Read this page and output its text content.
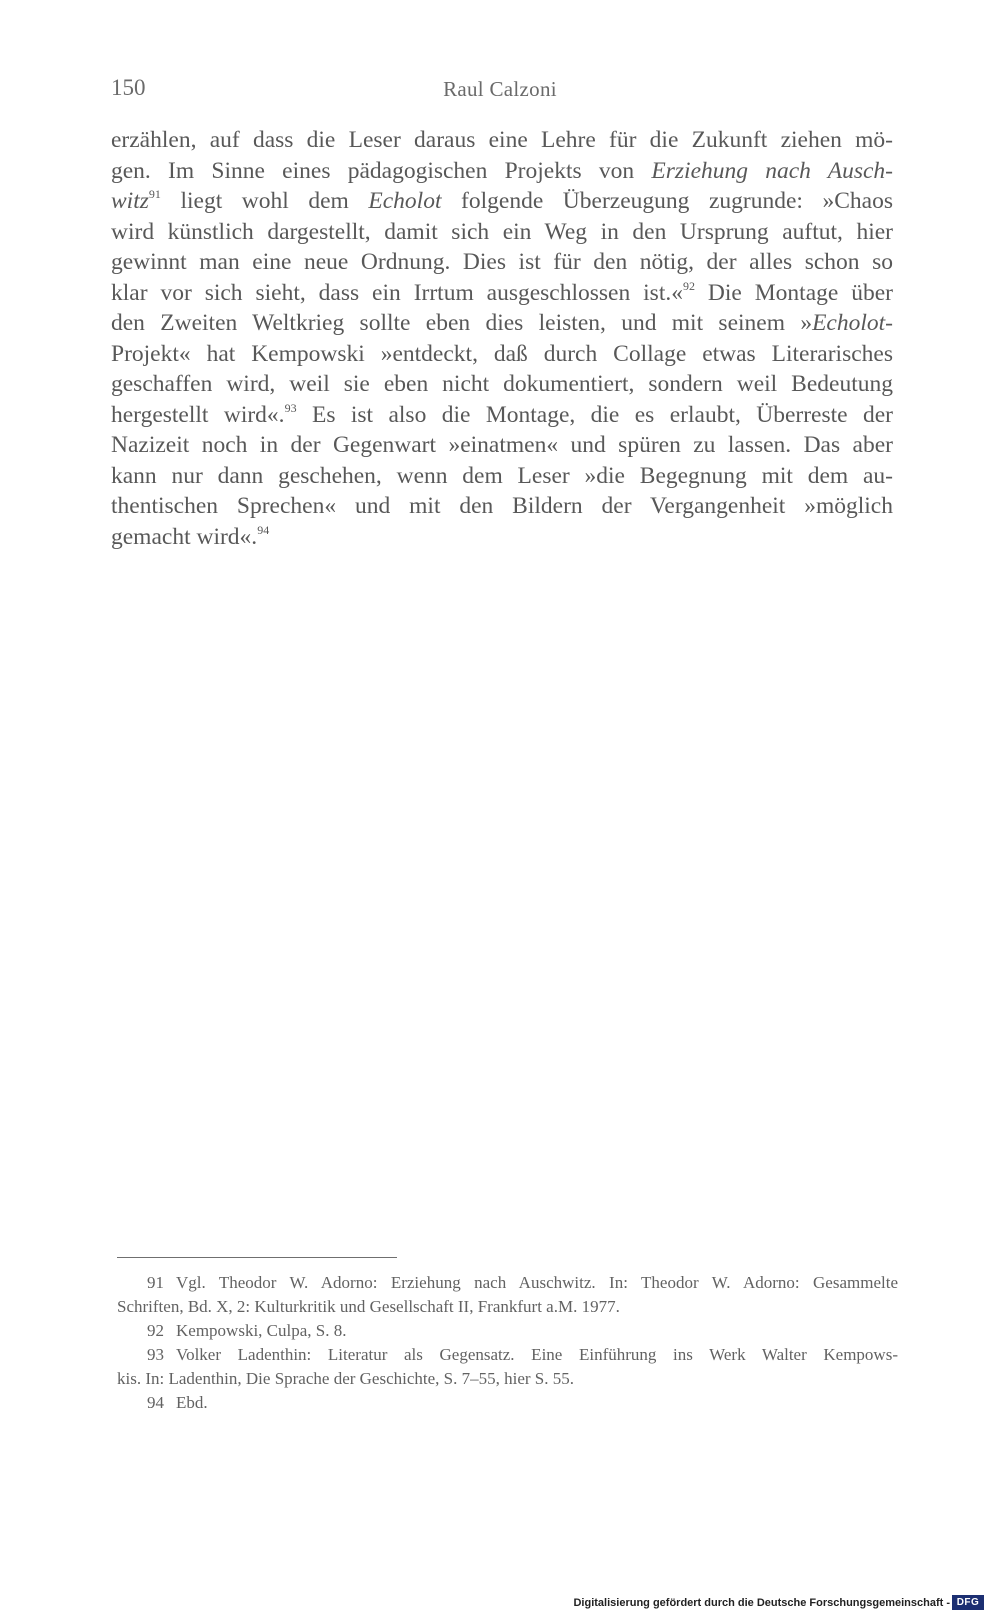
150	Raul Calzoni
erzählen, auf dass die Leser daraus eine Lehre für die Zukunft ziehen mö-
gen. Im Sinne eines pädagogischen Projekts von Erziehung nach Ausch-
witz$^{91}$ liegt wohl dem Echolot folgende Überzeugung zugrunde: »Chaos
wird künstlich dargestellt, damit sich ein Weg in den Ursprung auftut, hier
gewinnt man eine neue Ordnung. Dies ist für den nötig, der alles schon so
klar vor sich sieht, dass ein Irrtum ausgeschlossen ist.«$^{92}$ Die Montage über
den Zweiten Weltkrieg sollte eben dies leisten, und mit seinem »Echolot-
Projekt« hat Kempowski »entdeckt, daß durch Collage etwas Literarisches
geschaffen wird, weil sie eben nicht dokumentiert, sondern weil Bedeutung
hergestellt wird«.$^{93}$ Es ist also die Montage, die es erlaubt, Überreste der
Nazizeit noch in der Gegenwart »einatmen« und spüren zu lassen. Das aber
kann nur dann geschehen, wenn dem Leser »die Begegnung mit dem au-
thentischen Sprechen« und mit den Bildern der Vergangenheit »möglich
gemacht wird«.$^{94}$
91 Vgl. Theodor W. Adorno: Erziehung nach Auschwitz. In: Theodor W. Adorno: Gesammelte
Schriften, Bd. X, 2: Kulturkritik und Gesellschaft II, Frankfurt a.M. 1977.
92 Kempowski, Culpa, S. 8.
93 Volker Ladenthin: Literatur als Gegensatz. Eine Einführung ins Werk Walter Kempows-
kis. In: Ladenthin, Die Sprache der Geschichte, S. 7–55, hier S. 55.
94 Ebd.
Digitalisierung gefördert durch die Deutsche Forschungsgemeinschaft - DFG
